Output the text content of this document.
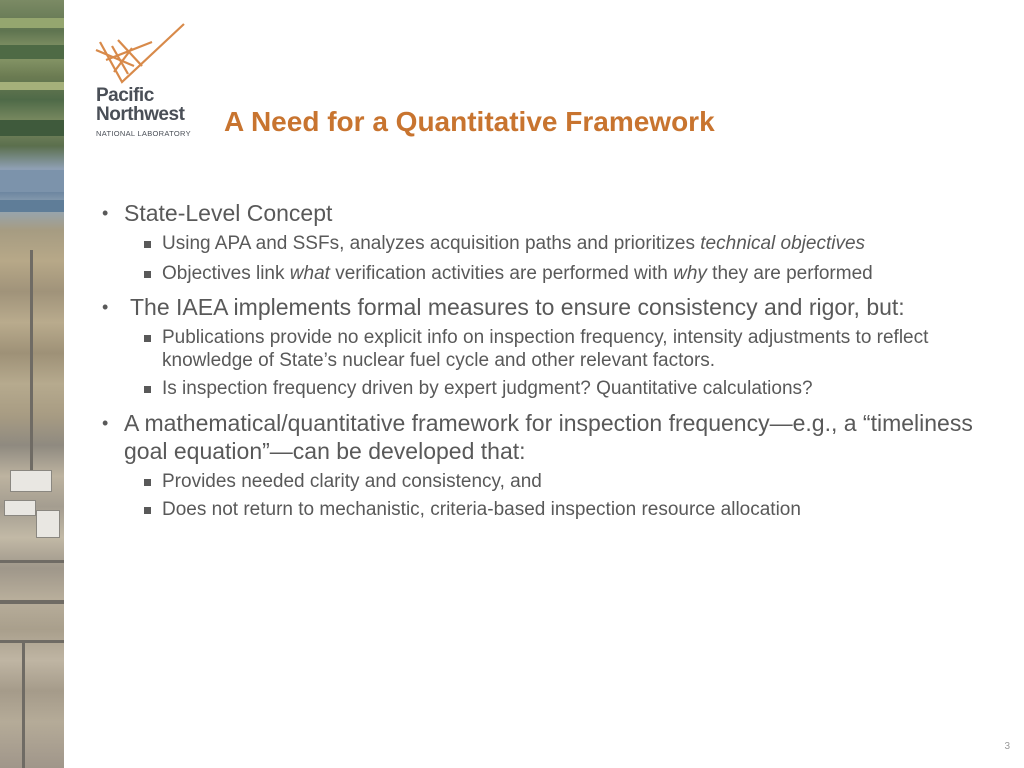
Pacific
Northwest
NATIONAL LABORATORY A Need for a Quantitative Framework
• State-Level Concept
Using APA and SSFs, analyzes acquisition paths and prioritizes technical objectives
Objectives link what verification activities are performed with why they are performed
• The IAEA implements formal measures to ensure consistency and rigor, but:
Publications provide no explicit info on inspection frequency, intensity adjustments to reflect knowledge of State’s nuclear fuel cycle and other relevant factors.
Is inspection frequency driven by expert judgment? Quantitative calculations?
• A mathematical/quantitative framework for inspection frequency—e.g., a “timeliness goal equation”—can be developed that:
Provides needed clarity and consistency, and
Does not return to mechanistic, criteria-based inspection resource allocation
3
